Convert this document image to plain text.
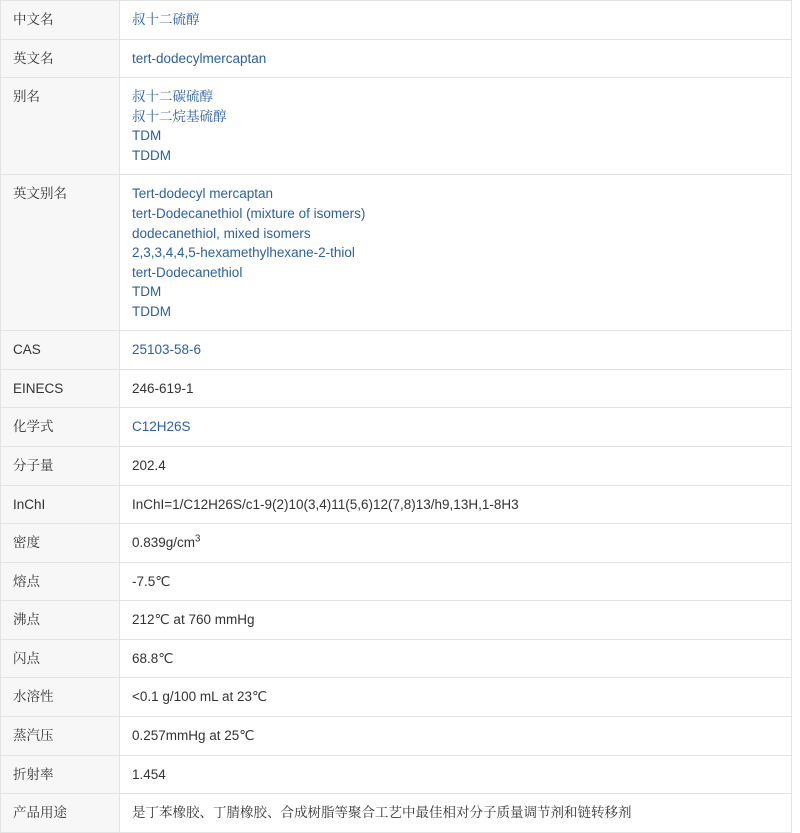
中文名	叔十二硫醇
英文名	tert-dodecylmercaptan
别名	叔十二碳硫醇
叔十二烷基硫醇
TDM
TDDM

英文别名	Tert-dodecyl mercaptan
tert-Dodecanethiol (mixture of isomers)
dodecanethiol, mixed isomers
2,3,3,4,4,5-hexamethylhexane-2-thiol
tert-Dodecanethiol
TDM
TDDM

CAS	25103-58-6
EINECS	246-619-1
化学式	C12H26S
分子量	202.4
InChI	InChI=1/C12H26S/c1-9(2)10(3,4)11(5,6)12(7,8)13/h9,13H,1-8H3
密度	$0.839g/cm^3$
熔点	-7.5℃
沸点	212℃ at 760 mmHg
闪点	68.8℃
水溶性	<0.1 g/100 mL at 23℃
蒸汽压	0.257mmHg at 25℃
折射率	1.454
产品用途	是丁苯橡胶、丁腈橡胶、合成树脂等聚合工艺中最佳相对分子质量调节剂和链转移剂
